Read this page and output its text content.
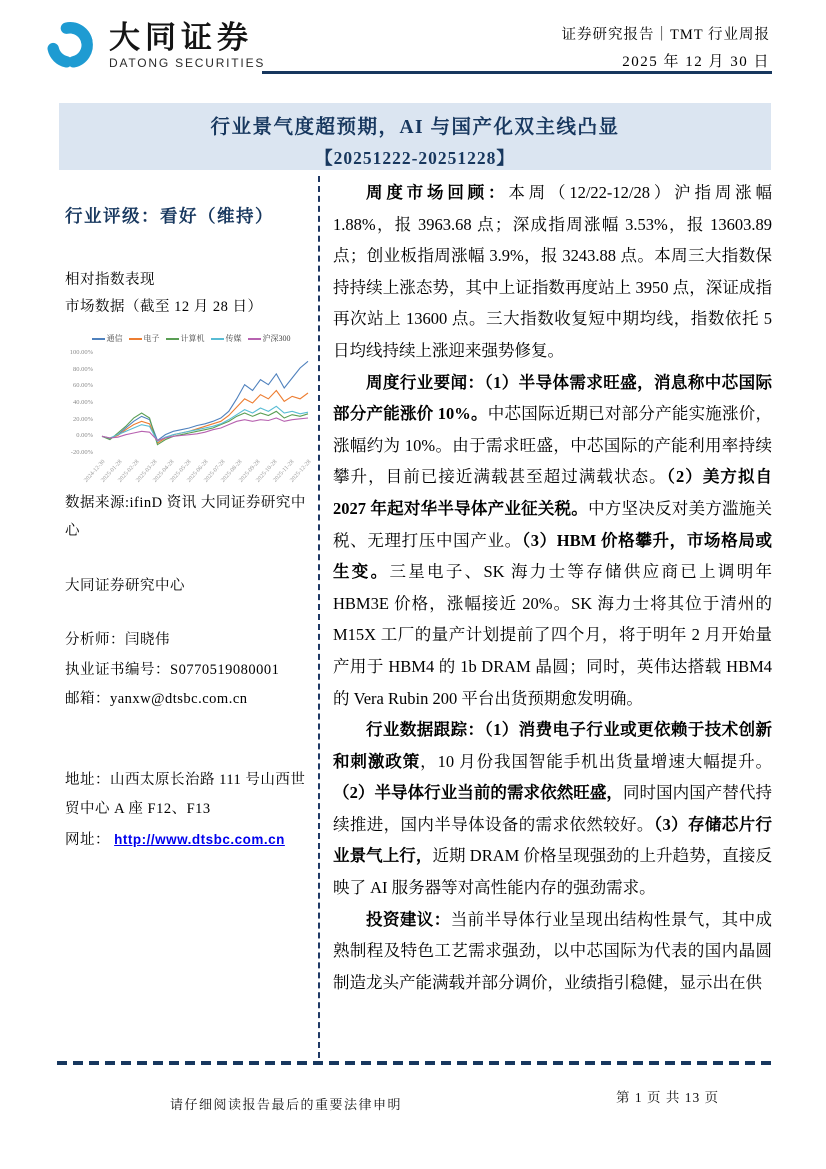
大同证券
DATONG SECURITIES
证券研究报告｜TMT 行业周报
2025 年 12 月 30 日
行业景气度超预期，AI 与国产化双主线凸显
【20251222-20251228】
行业评级：看好（维持）
相对指数表现
市场数据（截至 12 月 28 日）
通信	电子	计算机	传媒	沪深300
100.00%
80.00%
60.00%
40.00%
20.00%
0.00%
-20.00%
2024-12-30
2025-01-28
2025-02-28
2025-03-28
2025-04-28
2025-05-28
2025-06-28
2025-07-28
2025-08-28
2025-09-28
2025-10-28
2025-11-28
2025-12-28
数据来源:ifinD 资讯 大同证券研究中心
大同证券研究中心
分析师：闫晓伟
执业证书编号：S0770519080001
邮箱：yanxw@dtsbc.com.cn
地址：山西太原长治路 111 号山西世贸中心 A 座 F12、F13
网址： http://www.dtsbc.com.cn

周度市场回顾：本周（12/22-12/28）沪指周涨幅 1.88%，报 3963.68 点；深成指周涨幅 3.53%，报 13603.89 点；创业板指周涨幅 3.9%，报 3243.88 点。本周三大指数保持持续上涨态势，其中上证指数再度站上 3950 点，深证成指再次站上 13600 点。三大指数收复短中期均线，指数依托 5 日均线持续上涨迎来强势修复。

周度行业要闻：（1）半导体需求旺盛，消息称中芯国际部分产能涨价 10%。中芯国际近期已对部分产能实施涨价，涨幅约为 10%。由于需求旺盛，中芯国际的产能利用率持续攀升，目前已接近满载甚至超过满载状态。（2）美方拟自 2027 年起对华半导体产业征关税。中方坚决反对美方滥施关税、无理打压中国产业。（3）HBM 价格攀升，市场格局或生变。三星电子、SK 海力士等存储供应商已上调明年 HBM3E 价格，涨幅接近 20%。SK 海力士将其位于清州的 M15X 工厂的量产计划提前了四个月，将于明年 2 月开始量产用于 HBM4 的 1b DRAM 晶圆；同时，英伟达搭载 HBM4 的 Vera Rubin 200 平台出货预期愈发明确。

行业数据跟踪：（1）消费电子行业或更依赖于技术创新和刺激政策，10 月份我国智能手机出货量增速大幅提升。（2）半导体行业当前的需求依然旺盛，同时国内国产替代持续推进，国内半导体设备的需求依然较好。（3）存储芯片行业景气上行，近期 DRAM 价格呈现强劲的上升趋势，直接反映了 AI 服务器等对高性能内存的强劲需求。

投资建议：当前半导体行业呈现出结构性景气，其中成熟制程及特色工艺需求强劲，以中芯国际为代表的国内晶圆制造龙头产能满载并部分调价，业绩指引稳健，显示出在供

请仔细阅读报告最后的重要法律申明	第 1 页 共 13 页
